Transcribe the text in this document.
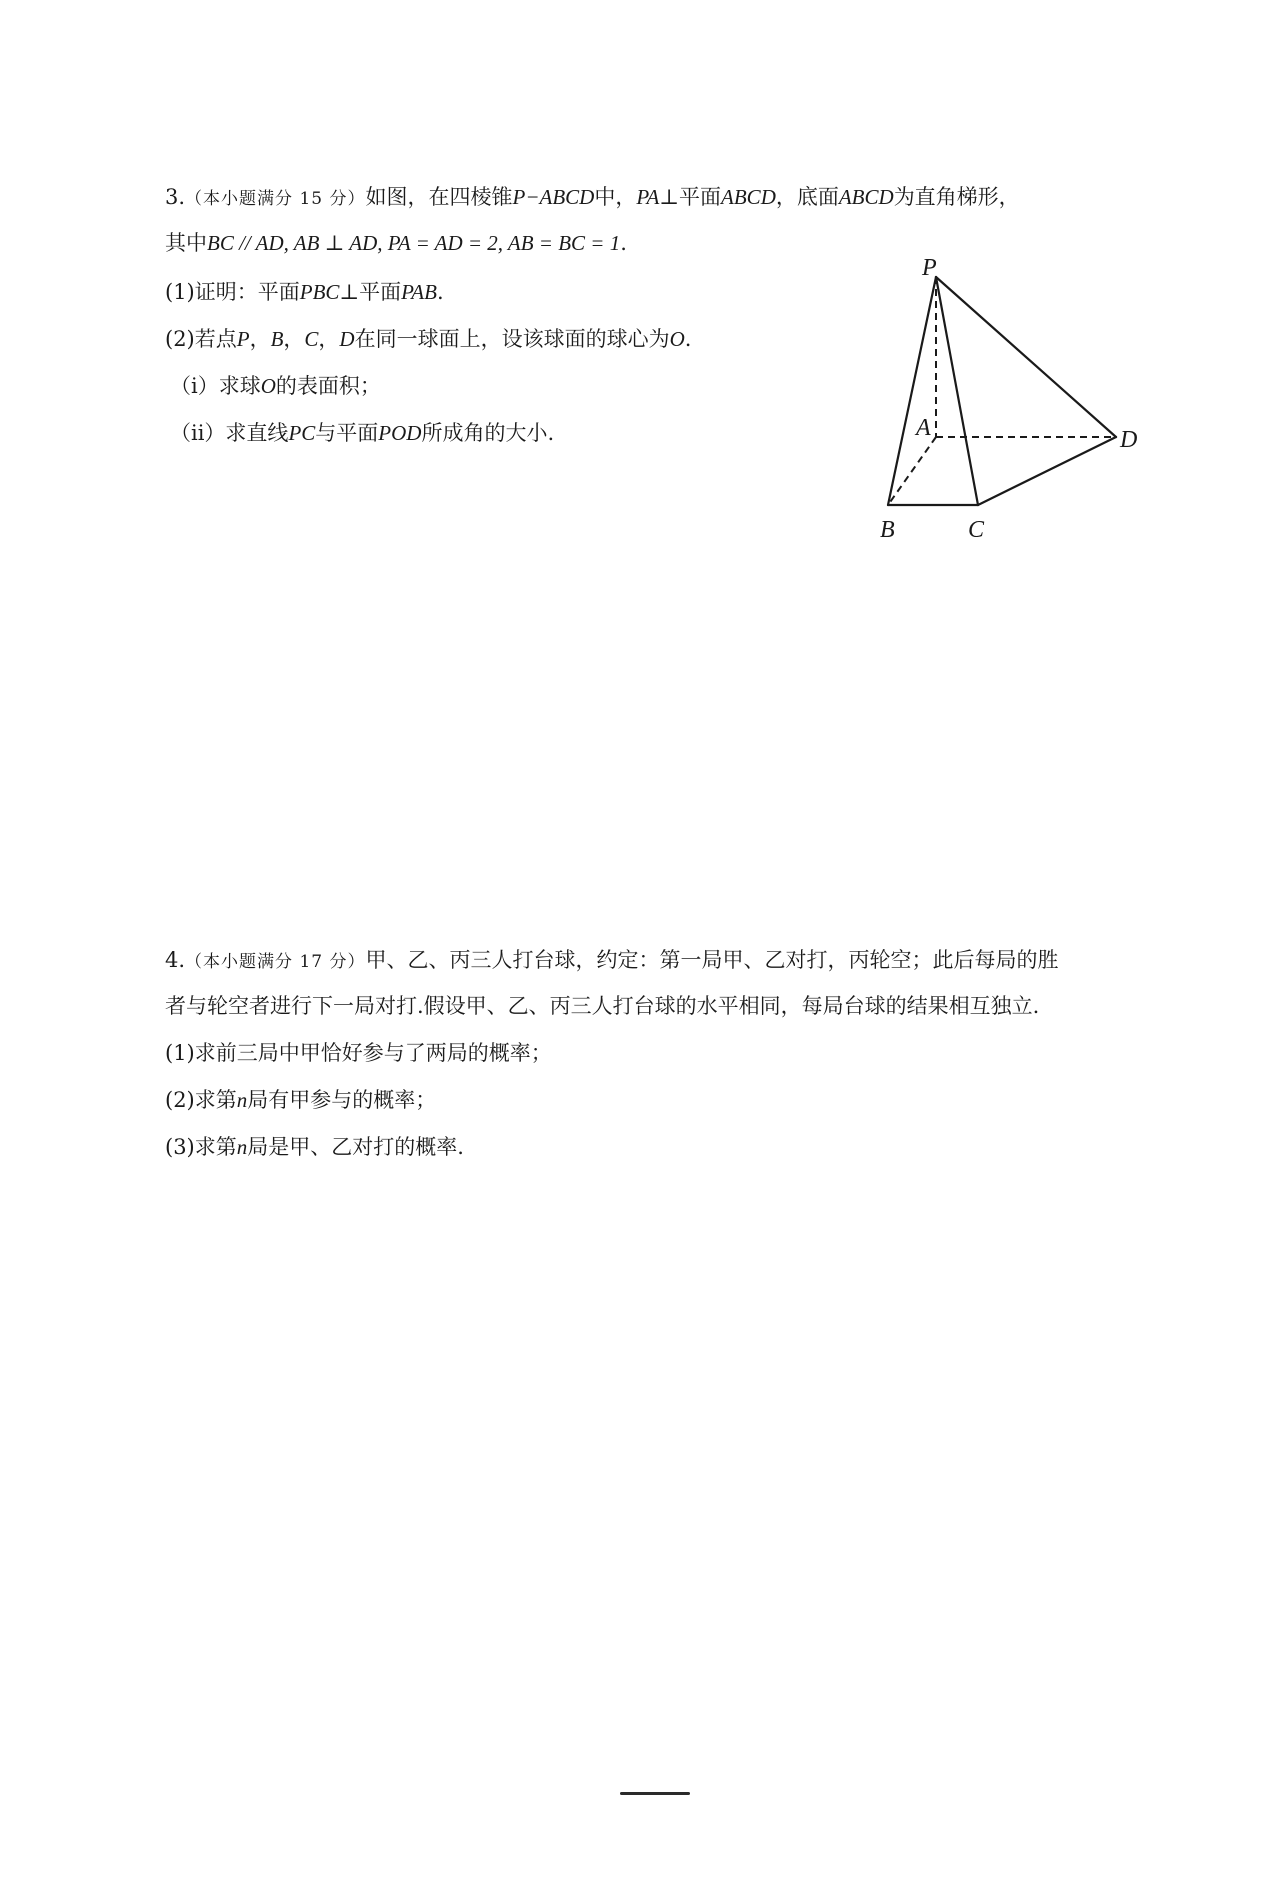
3.（本小题满分 15 分）如图，在四棱锥P−ABCD中，PA⊥平面ABCD，底面ABCD为直角梯形，
其中BC // AD, AB ⊥ AD, PA = AD = 2, AB = BC = 1.
(1)证明：平面PBC⊥平面PAB.
(2)若点P，B，C，D在同一球面上，设该球面的球心为O.
（i）求球O的表面积；
（ii）求直线PC与平面POD所成角的大小.
P
A	D
B	C
4.（本小题满分 17 分）甲、乙、丙三人打台球，约定：第一局甲、乙对打，丙轮空；此后每局的胜
者与轮空者进行下一局对打.假设甲、乙、丙三人打台球的水平相同，每局台球的结果相互独立.
(1)求前三局中甲恰好参与了两局的概率；
(2)求第n局有甲参与的概率；
(3)求第n局是甲、乙对打的概率.
